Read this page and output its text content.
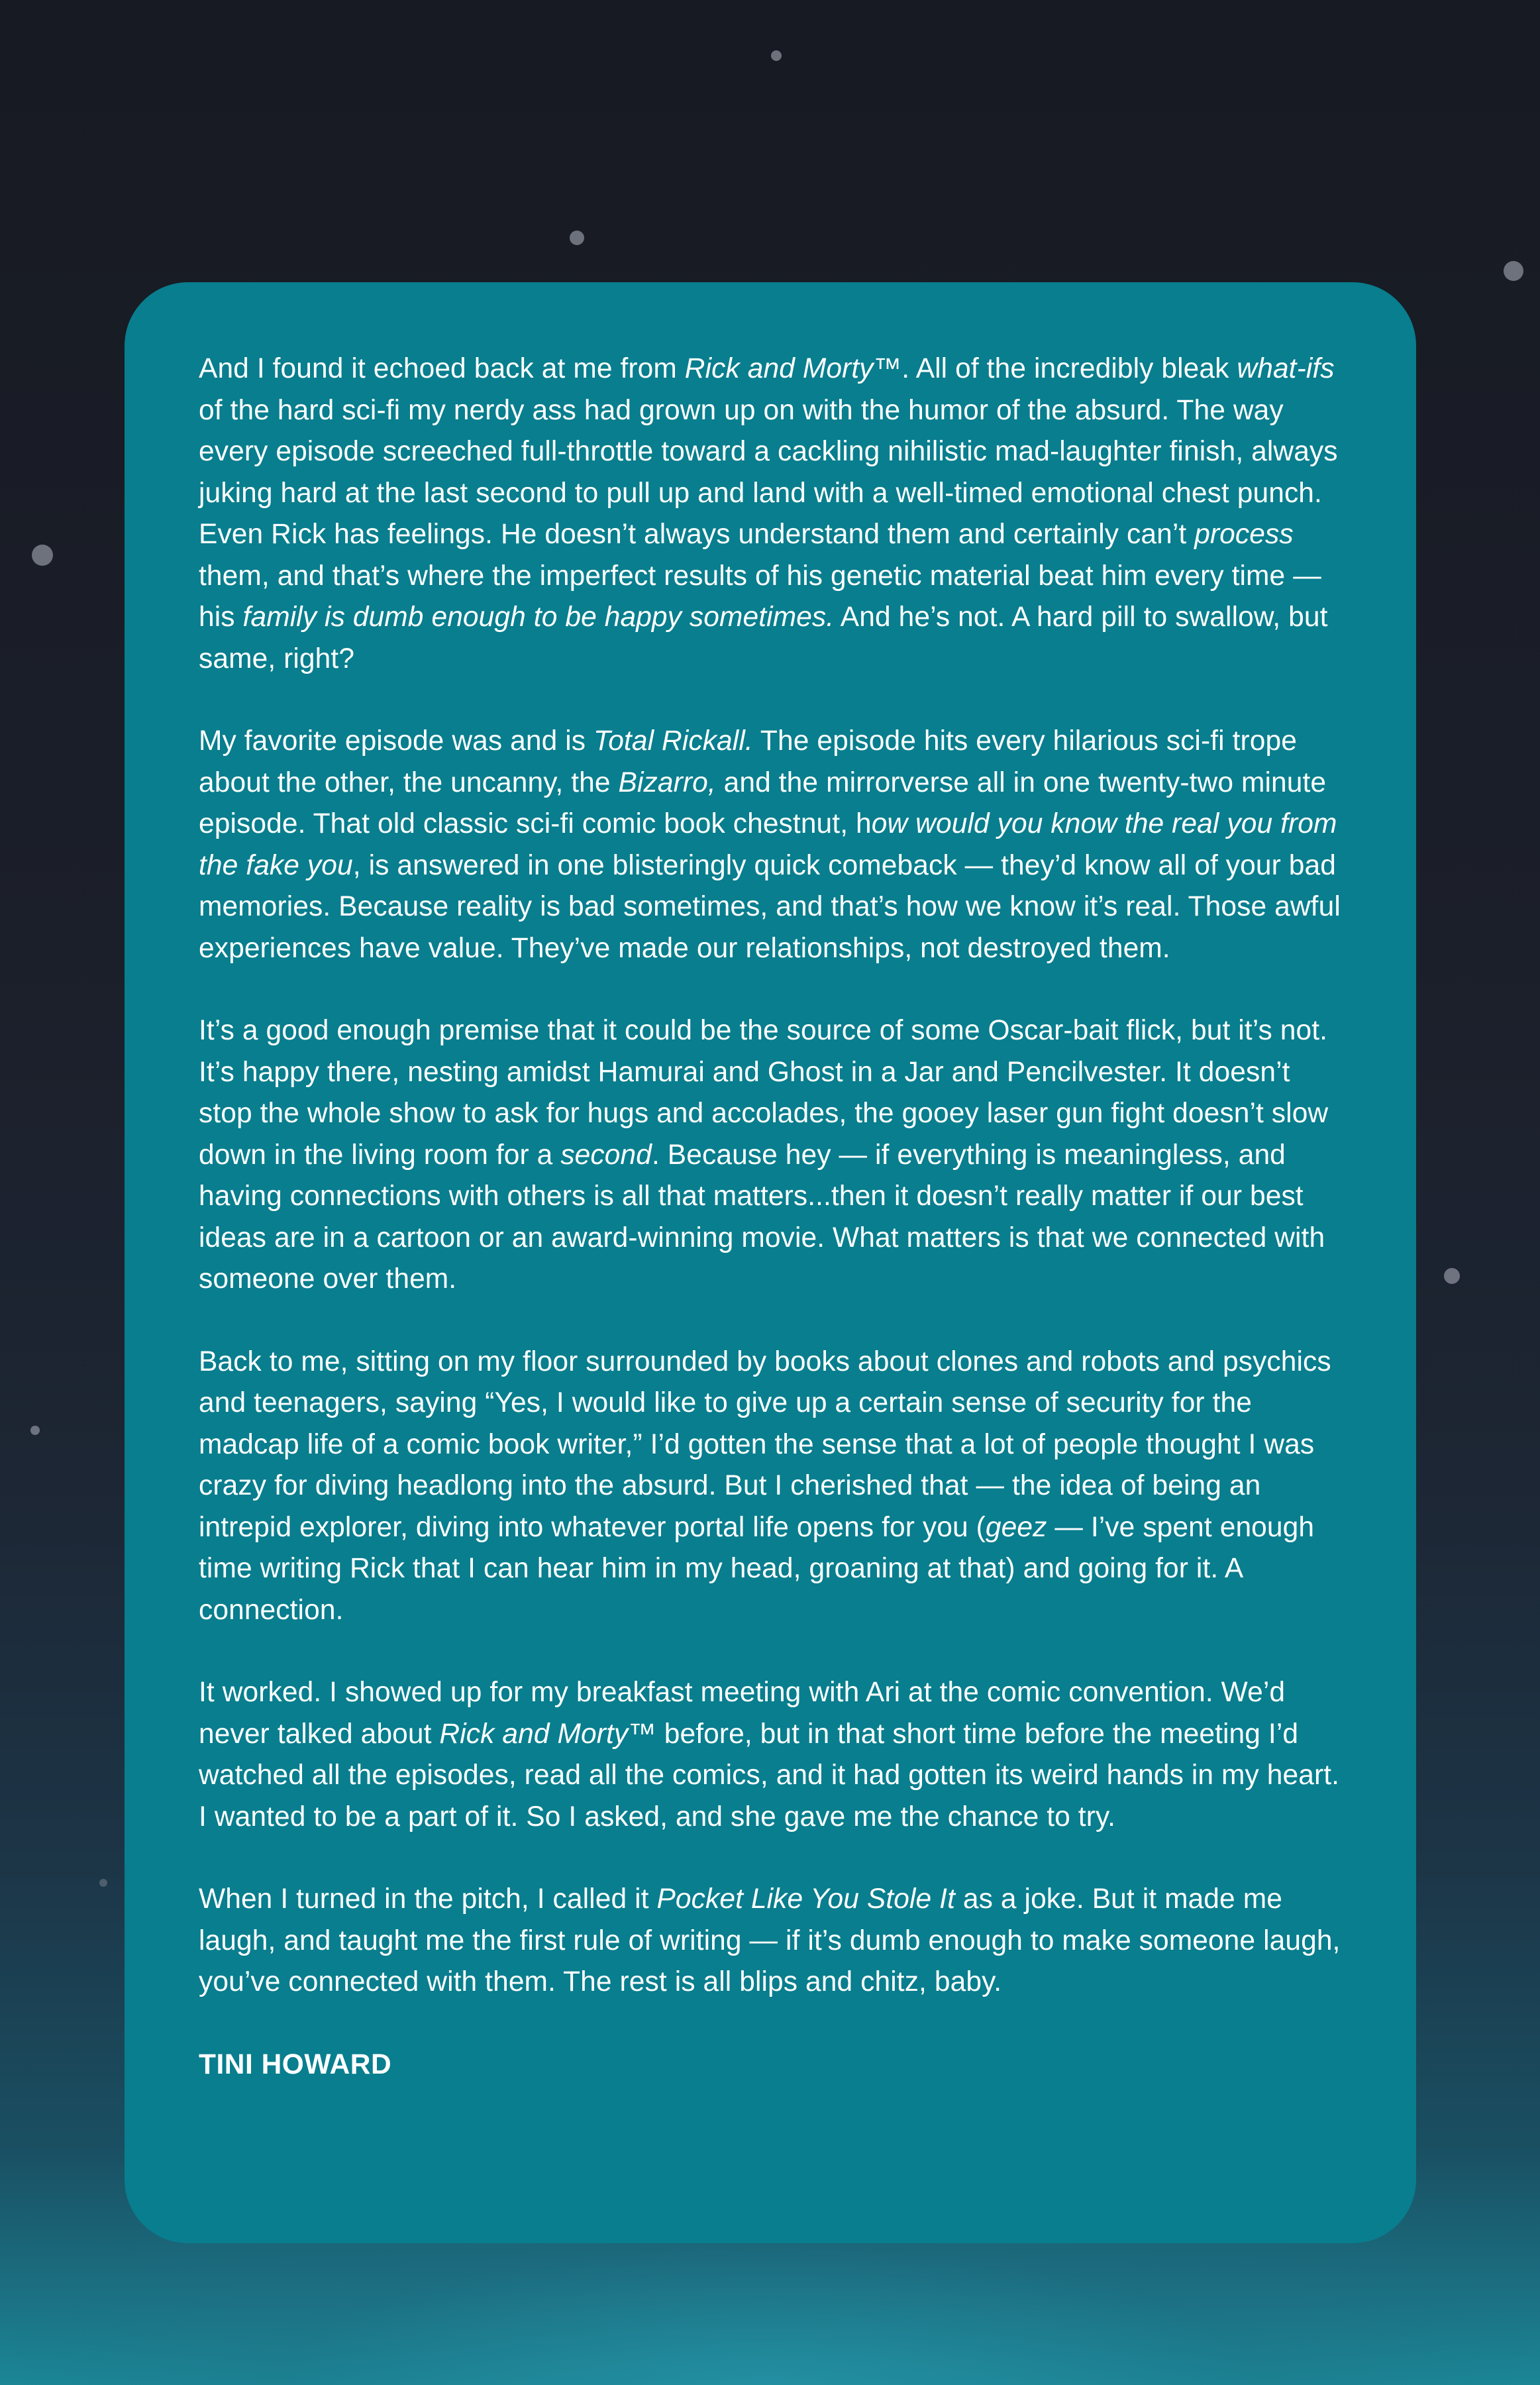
And I found it echoed back at me from Rick and Morty™. All of the incredibly bleak what-ifs of the hard sci-fi my nerdy ass had grown up on with the humor of the absurd. The way every episode screeched full-throttle toward a cackling nihilistic mad-laughter finish, always juking hard at the last second to pull up and land with a well-timed emotional chest punch. Even Rick has feelings. He doesn’t always understand them and certainly can’t process them, and that’s where the imperfect results of his genetic material beat him every time — his family is dumb enough to be happy sometimes. And he’s not. A hard pill to swallow, but same, right?

My favorite episode was and is Total Rickall. The episode hits every hilarious sci-fi trope about the other, the uncanny, the Bizarro, and the mirrorverse all in one twenty-two minute episode. That old classic sci-fi comic book chestnut, how would you know the real you from the fake you, is answered in one blisteringly quick comeback — they’d know all of your bad memories. Because reality is bad sometimes, and that’s how we know it’s real. Those awful experiences have value. They’ve made our relationships, not destroyed them.

It’s a good enough premise that it could be the source of some Oscar-bait flick, but it’s not. It’s happy there, nesting amidst Hamurai and Ghost in a Jar and Pencilvester. It doesn’t stop the whole show to ask for hugs and accolades, the gooey laser gun fight doesn’t slow down in the living room for a second. Because hey — if everything is meaningless, and having connections with others is all that matters...then it doesn’t really matter if our best ideas are in a cartoon or an award-winning movie. What matters is that we connected with someone over them.

Back to me, sitting on my floor surrounded by books about clones and robots and psychics and teenagers, saying “Yes, I would like to give up a certain sense of security for the madcap life of a comic book writer,” I’d gotten the sense that a lot of people thought I was crazy for diving headlong into the absurd. But I cherished that — the idea of being an intrepid explorer, diving into whatever portal life opens for you (geez — I’ve spent enough time writing Rick that I can hear him in my head, groaning at that) and going for it. A connection.

It worked. I showed up for my breakfast meeting with Ari at the comic convention. We’d never talked about Rick and Morty™ before, but in that short time before the meeting I’d watched all the episodes, read all the comics, and it had gotten its weird hands in my heart. I wanted to be a part of it. So I asked, and she gave me the chance to try.

When I turned in the pitch, I called it Pocket Like You Stole It as a joke. But it made me laugh, and taught me the first rule of writing — if it’s dumb enough to make someone laugh, you’ve connected with them. The rest is all blips and chitz, baby.

TINI HOWARD
